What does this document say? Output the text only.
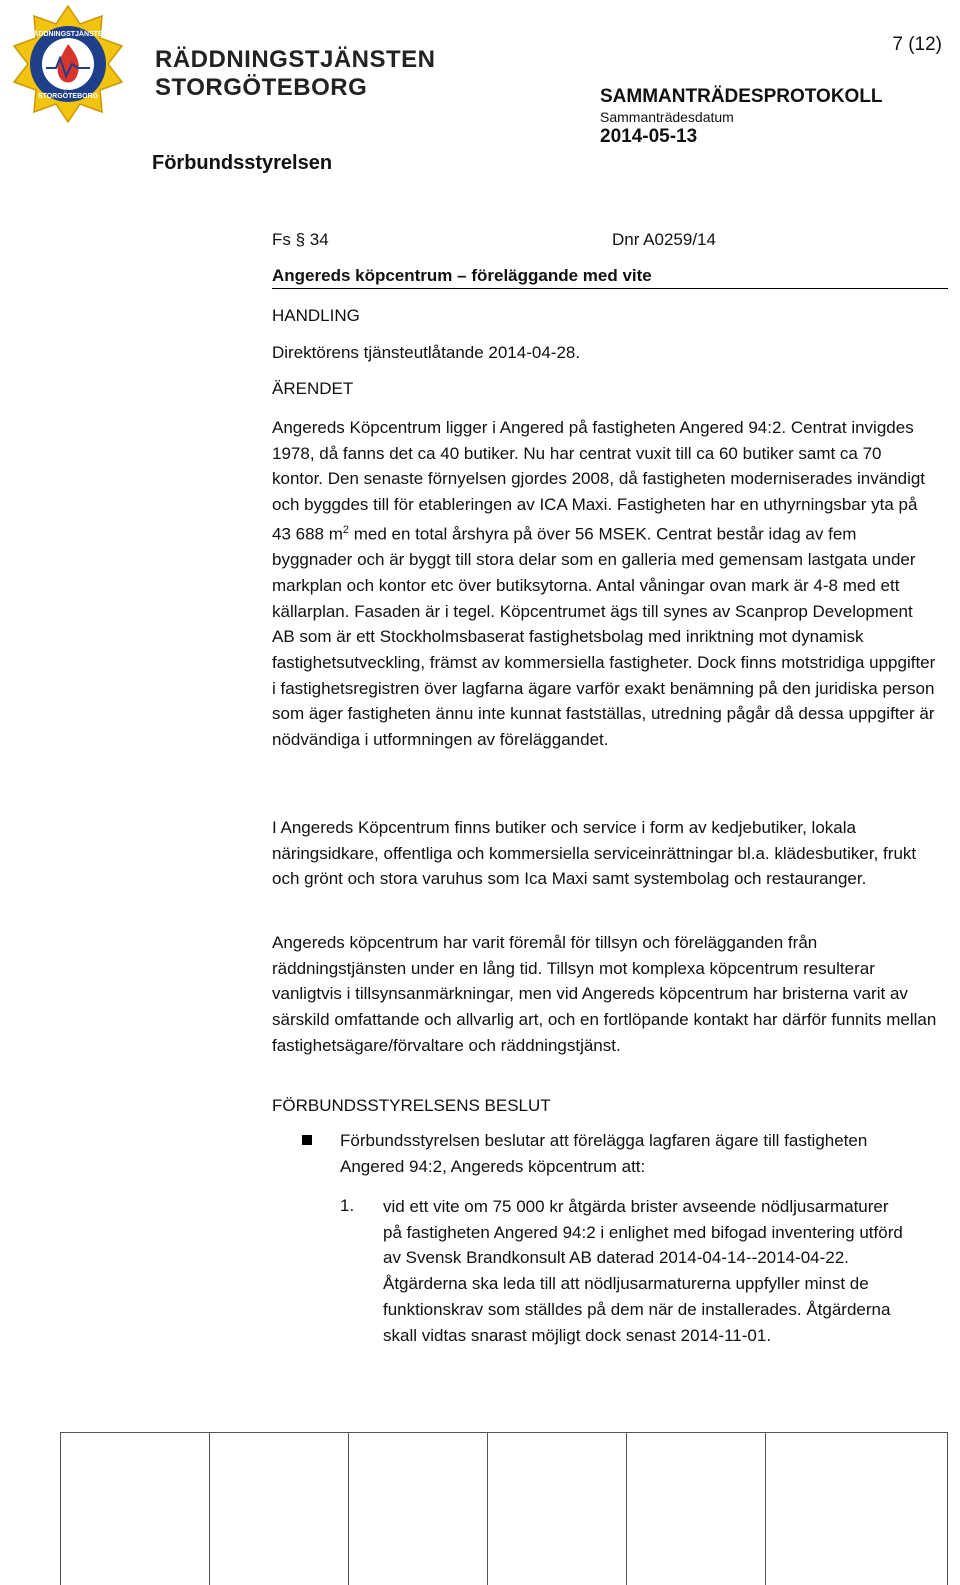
RÄDDNINGSTJÄNSTEN
STORGÖTEBORG
RÄDDNINGSTJÄNSTEN
STORGÖTEBORG
7 (12)
SAMMANTRÄDESPROTOKOLL
Sammanträdesdatum
2014-05-13
Förbundsstyrelsen
Fs § 34	Dnr A0259/14
Angereds köpcentrum – föreläggande med vite
HANDLING
Direktörens tjänsteutlåtande 2014-04-28.
ÄRENDET

Angereds Köpcentrum ligger i Angered på fastigheten Angered 94:2. Centrat invigdes 1978, då fanns det ca 40 butiker. Nu har centrat vuxit till ca 60 butiker samt ca 70 kontor. Den senaste förnyelsen gjordes 2008, då fastigheten moderniserades invändigt och byggdes till för etableringen av ICA Maxi. Fastigheten har en uthyrningsbar yta på 43 688 $m^2$ med en total årshyra på över 56 MSEK. Centrat består idag av fem byggnader och är byggt till stora delar som en galleria med gemensam lastgata under markplan och kontor etc över butiksytorna. Antal våningar ovan mark är 4-8 med ett källarplan. Fasaden är i tegel. Köpcentrumet ägs till synes av Scanprop Development AB som är ett Stockholmsbaserat fastighetsbolag med inriktning mot dynamisk fastighetsutveckling, främst av kommersiella fastigheter. Dock finns motstridiga uppgifter i fastighetsregistren över lagfarna ägare varför exakt benämning på den juridiska person som äger fastigheten ännu inte kunnat fastställas, utredning pågår då dessa uppgifter är nödvändiga i utformningen av föreläggandet.

I Angereds Köpcentrum finns butiker och service i form av kedjebutiker, lokala näringsidkare, offentliga och kommersiella serviceinrättningar bl.a. klädesbutiker, frukt och grönt och stora varuhus som Ica Maxi samt systembolag och restauranger.

Angereds köpcentrum har varit föremål för tillsyn och förelägganden från räddningstjänsten under en lång tid. Tillsyn mot komplexa köpcentrum resulterar vanligtvis i tillsynsanmärkningar, men vid Angereds köpcentrum har bristerna varit av särskild omfattande och allvarlig art, och en fortlöpande kontakt har därför funnits mellan fastighetsägare/förvaltare och räddningstjänst.

FÖRBUNDSSTYRELSENS BESLUT

Förbundsstyrelsen beslutar att förelägga lagfaren ägare till fastigheten Angered 94:2, Angereds köpcentrum att:

1. vid ett vite om 75 000 kr åtgärda brister avseende nödljusarmaturer på fastigheten Angered 94:2 i enlighet med bifogad inventering utförd av Svensk Brandkonsult AB daterad 2014-04-14--2014-04-22. Åtgärderna ska leda till att nödljusarmaturerna uppfyller minst de funktionskrav som ställdes på dem när de installerades. Åtgärderna skall vidtas snarast möjligt dock senast 2014-11-01.
